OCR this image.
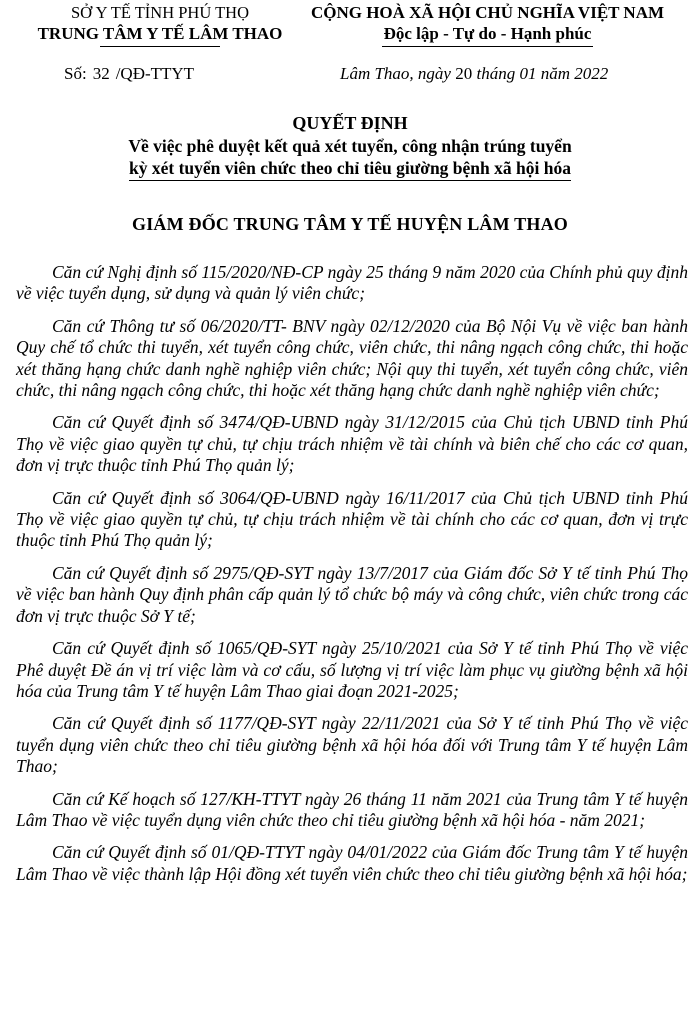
SỞ Y TẾ TỈNH PHÚ THỌ
TRUNG TÂM Y TẾ LÂM THAO
CỘNG HOÀ XÃ HỘI CHỦ NGHĨA VIỆT NAM
Độc lập - Tự do - Hạnh phúc
Số: 32 /QĐ-TTYT	Lâm Thao, ngày 20 tháng 01 năm 2022
QUYẾT ĐỊNH
Về việc phê duyệt kết quả xét tuyển, công nhận trúng tuyển
kỳ xét tuyển viên chức theo chỉ tiêu giường bệnh xã hội hóa
GIÁM ĐỐC TRUNG TÂM Y TẾ HUYỆN LÂM THAO

Căn cứ Nghị định số 115/2020/NĐ-CP ngày 25 tháng 9 năm 2020 của Chính phủ quy định về việc tuyển dụng, sử dụng và quản lý viên chức;

Căn cứ Thông tư số 06/2020/TT- BNV ngày 02/12/2020 của Bộ Nội Vụ về việc ban hành Quy chế tổ chức thi tuyển, xét tuyển công chức, viên chức, thi nâng ngạch công chức, thi hoặc xét thăng hạng chức danh nghề nghiệp viên chức; Nội quy thi tuyển, xét tuyển công chức, viên chức, thi nâng ngạch công chức, thi hoặc xét thăng hạng chức danh nghề nghiệp viên chức;

Căn cứ Quyết định số 3474/QĐ-UBND ngày 31/12/2015 của Chủ tịch UBND tỉnh Phú Thọ về việc giao quyền tự chủ, tự chịu trách nhiệm về tài chính và biên chế cho các cơ quan, đơn vị trực thuộc tỉnh Phú Thọ quản lý;

Căn cứ Quyết định số 3064/QĐ-UBND ngày 16/11/2017 của Chủ tịch UBND tỉnh Phú Thọ về việc giao quyền tự chủ, tự chịu trách nhiệm về tài chính cho các cơ quan, đơn vị trực thuộc tỉnh Phú Thọ quản lý;

Căn cứ Quyết định số 2975/QĐ-SYT ngày 13/7/2017 của Giám đốc Sở Y tế tỉnh Phú Thọ về việc ban hành Quy định phân cấp quản lý tổ chức bộ máy và công chức, viên chức trong các đơn vị trực thuộc Sở Y tế;

Căn cứ Quyết định số 1065/QĐ-SYT ngày 25/10/2021 của Sở Y tế tỉnh Phú Thọ về việc Phê duyệt Đề án vị trí việc làm và cơ cấu, số lượng vị trí việc làm phục vụ giường bệnh xã hội hóa của Trung tâm Y tế huyện Lâm Thao giai đoạn 2021-2025;

Căn cứ Quyết định số 1177/QĐ-SYT ngày 22/11/2021 của Sở Y tế tỉnh Phú Thọ về việc tuyển dụng viên chức theo chỉ tiêu giường bệnh xã hội hóa đối với Trung tâm Y tế huyện Lâm Thao;

Căn cứ Kế hoạch số 127/KH-TTYT ngày 26 tháng 11 năm 2021 của Trung tâm Y tế huyện Lâm Thao về việc tuyển dụng viên chức theo chỉ tiêu giường bệnh xã hội hóa - năm 2021;

Căn cứ Quyết định số 01/QĐ-TTYT ngày 04/01/2022 của Giám đốc Trung tâm Y tế huyện Lâm Thao về việc thành lập Hội đồng xét tuyển viên chức theo chỉ tiêu giường bệnh xã hội hóa;
